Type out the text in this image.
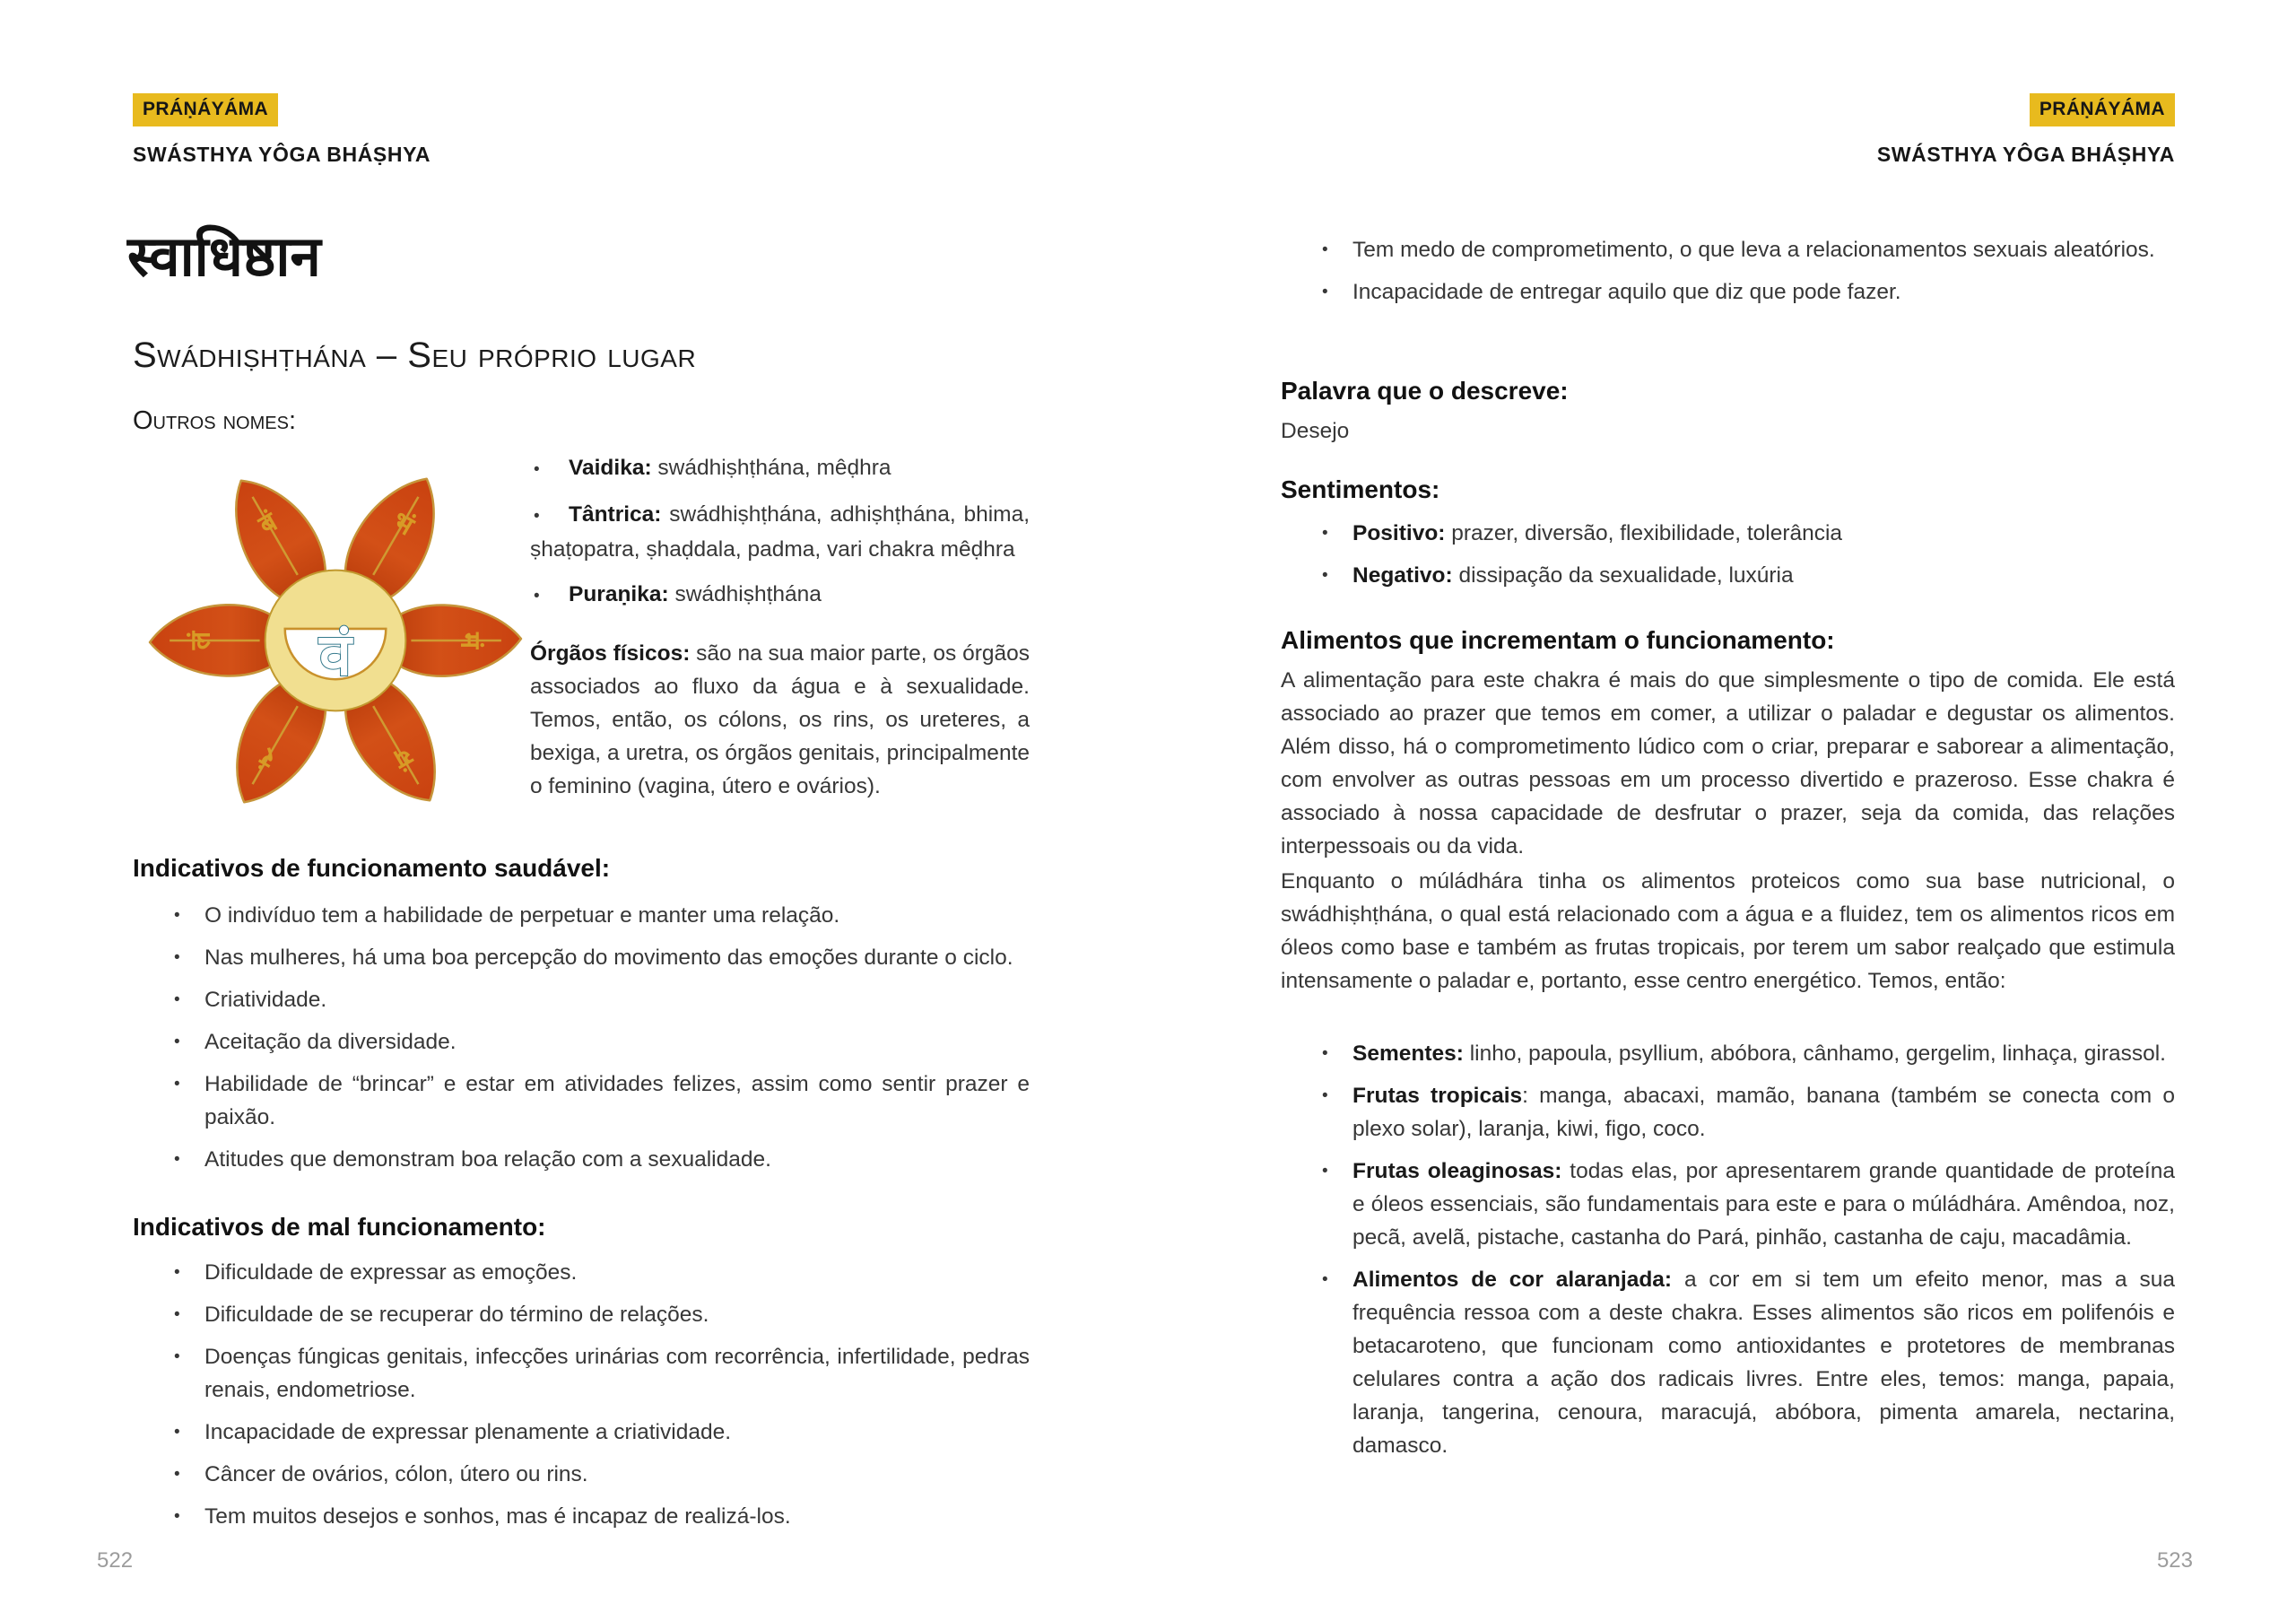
PRÁṆÁYÁMA
SWÁSTHYA YÔGA BHÁṢHYA
स्वाधिष्ठान
Swádhiṣhṭhána – Seu próprio lugar
Outros nomes:
बं	भं
मं
यं
रं
लं वं
• Vaidika: swádhiṣhṭhána, mêḍhra
• Tântrica: swádhiṣhṭhána, adhiṣhṭhána, bhima, ṣhaṭopatra, ṣhaḍdala, padma, vari chakra mêḍhra
• Puraṇika: swádhiṣhṭhána

Órgãos físicos: são na sua maior parte, os órgãos associados ao fluxo da água e à sexualidade. Temos, então, os cólons, os rins, os ureteres, a bexiga, a uretra, os órgãos genitais, principalmente o feminino (vagina, útero e ovários).

Indicativos de funcionamento saudável:
• O indivíduo tem a habilidade de perpetuar e manter uma relação.
• Nas mulheres, há uma boa percepção do movimento das emoções durante o ciclo.
• Criatividade.
• Aceitação da diversidade.
• Habilidade de “brincar” e estar em atividades felizes, assim como sentir prazer e paixão.
• Atitudes que demonstram boa relação com a sexualidade.
Indicativos de mal funcionamento:
• Dificuldade de expressar as emoções.
• Dificuldade de se recuperar do término de relações.
• Doenças fúngicas genitais, infecções urinárias com recorrência, infertilidade, pedras renais, endometriose.
• Incapacidade de expressar plenamente a criatividade.
• Câncer de ovários, cólon, útero ou rins.
• Tem muitos desejos e sonhos, mas é incapaz de realizá-los.
522
PRÁṆÁYÁMA
SWÁSTHYA YÔGA BHÁṢHYA
• Tem medo de comprometimento, o que leva a relacionamentos sexuais aleatórios.
• Incapacidade de entregar aquilo que diz que pode fazer.
Palavra que o descreve:

Desejo

Sentimentos:
• Positivo: prazer, diversão, flexibilidade, tolerância
• Negativo: dissipação da sexualidade, luxúria
Alimentos que incrementam o funcionamento:

A alimentação para este chakra é mais do que simplesmente o tipo de comida. Ele está associado ao prazer que temos em comer, a utilizar o paladar e degustar os alimentos. Além disso, há o comprometimento lúdico com o criar, preparar e saborear a alimentação, com envolver as outras pessoas em um processo divertido e prazeroso. Esse chakra é associado à nossa capacidade de desfrutar o prazer, seja da comida, das relações interpessoais ou da vida.

Enquanto o múládhára tinha os alimentos proteicos como sua base nutricional, o swádhiṣhṭhána, o qual está relacionado com a água e a fluidez, tem os alimentos ricos em óleos como base e também as frutas tropicais, por terem um sabor realçado que estimula intensamente o paladar e, portanto, esse centro energético. Temos, então:

• Sementes: linho, papoula, psyllium, abóbora, cânhamo, gergelim, linhaça, girassol.
• Frutas tropicais: manga, abacaxi, mamão, banana (também se conecta com o plexo solar), laranja, kiwi, figo, coco.
• Frutas oleaginosas: todas elas, por apresentarem grande quantidade de proteína e óleos essenciais, são fundamentais para este e para o múládhára. Amêndoa, noz, pecã, avelã, pistache, castanha do Pará, pinhão, castanha de caju, macadâmia.
• Alimentos de cor alaranjada: a cor em si tem um efeito menor, mas a sua frequência ressoa com a deste chakra. Esses alimentos são ricos em polifenóis e betacaroteno, que funcionam como antioxidantes e protetores de membranas celulares contra a ação dos radicais livres. Entre eles, temos: manga, papaia, laranja, tangerina, cenoura, maracujá, abóbora, pimenta amarela, nectarina, damasco.
523
